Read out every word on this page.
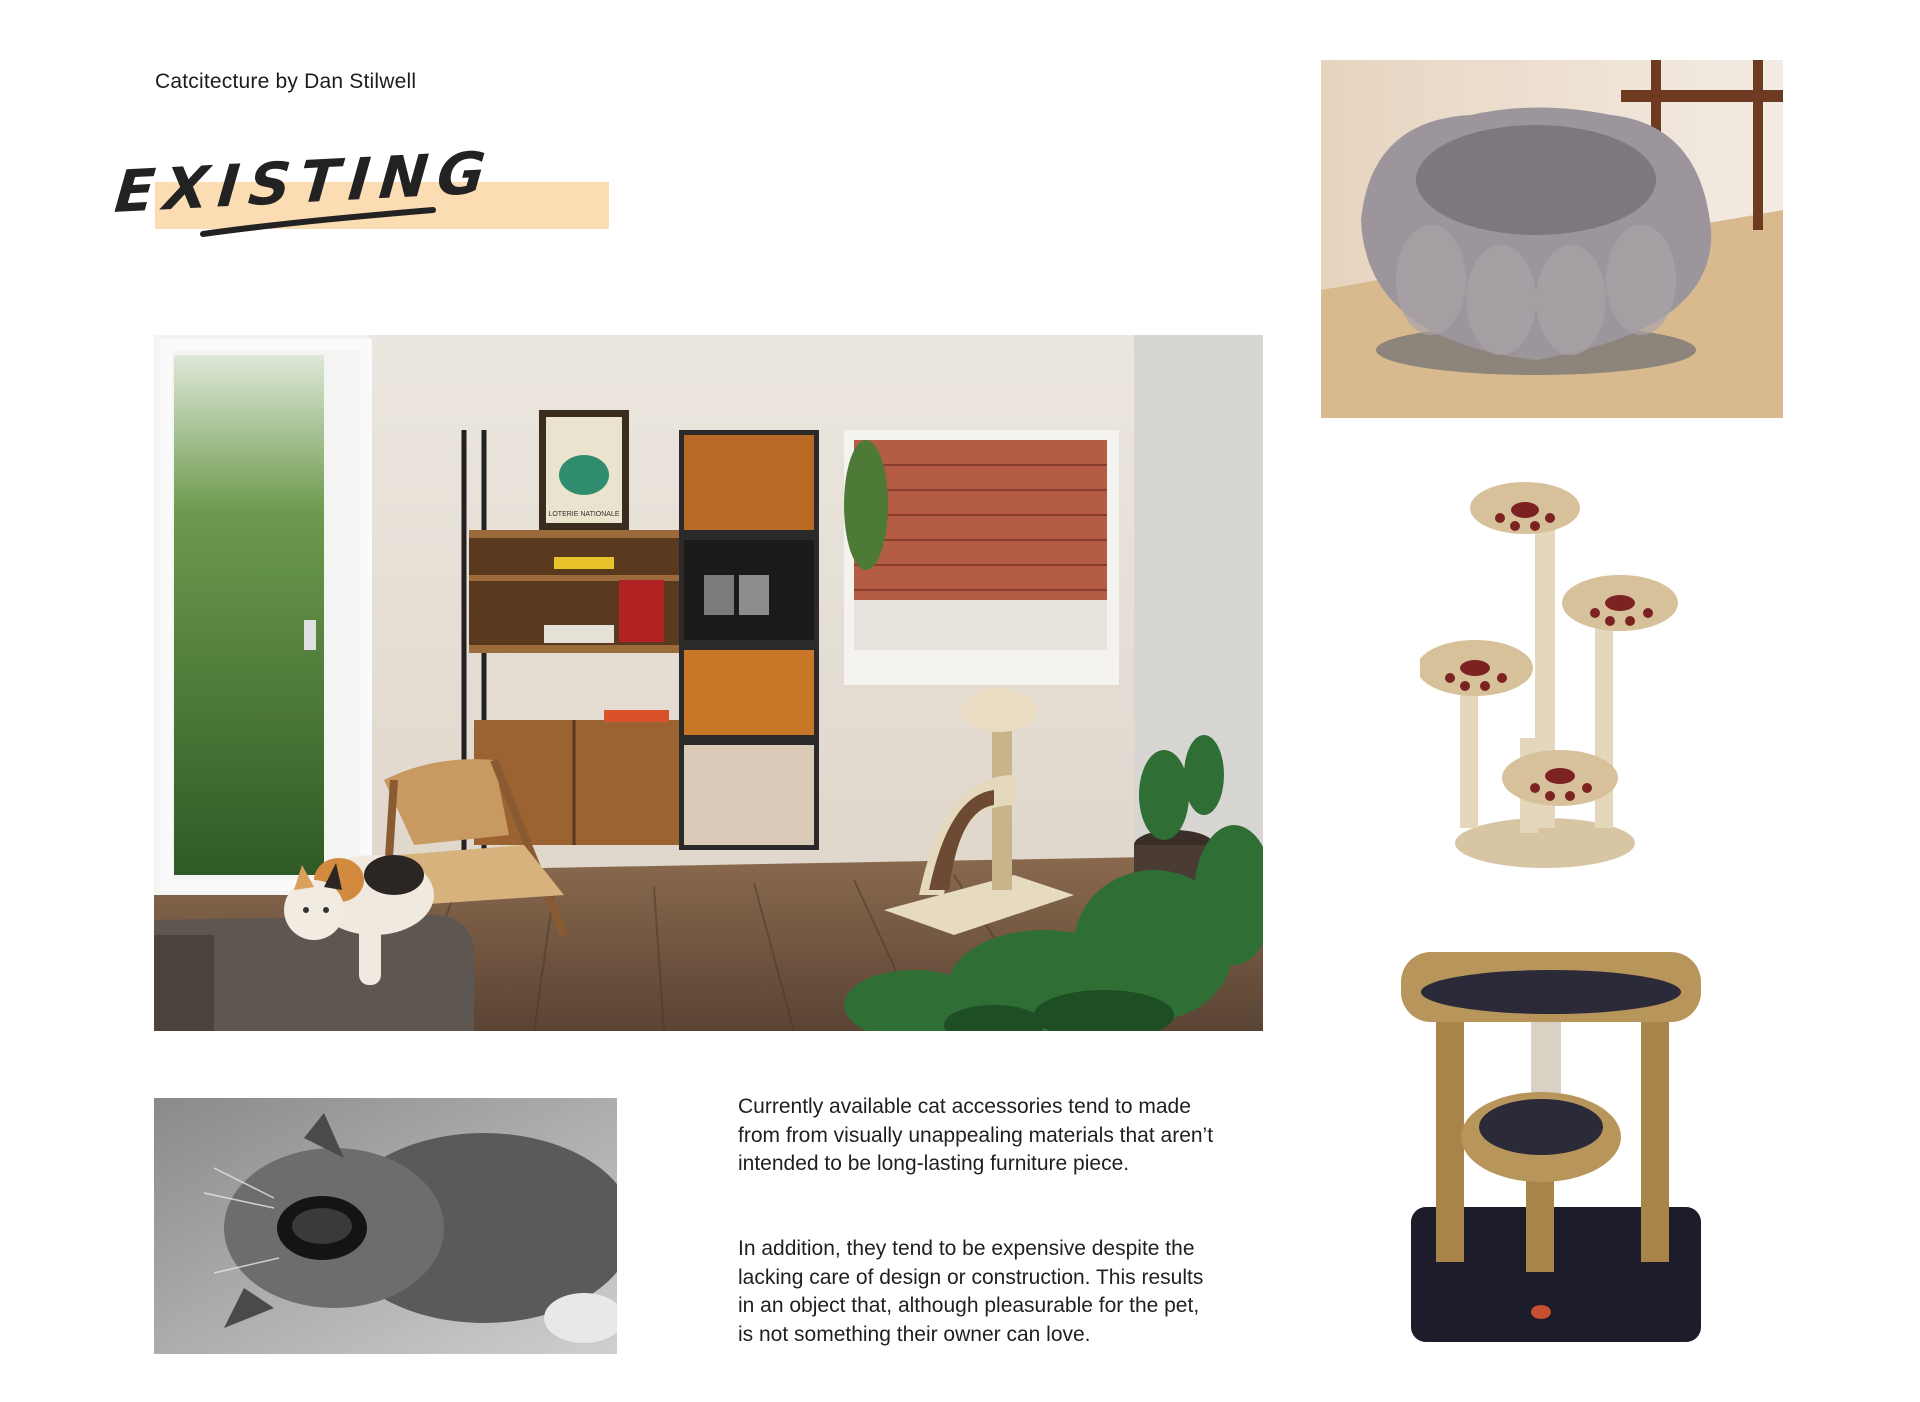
Catcitecture by Dan Stilwell
EXISTING
LOTERIE NATIONALE
Currently available cat accessories tend to made from from visually unappealing materials that aren’t intended to be long-lasting furniture piece.
In addition, they tend to be expensive despite the lacking care of design or construction. This results in an object that, although pleasurable for the pet, is not something their owner can love.
